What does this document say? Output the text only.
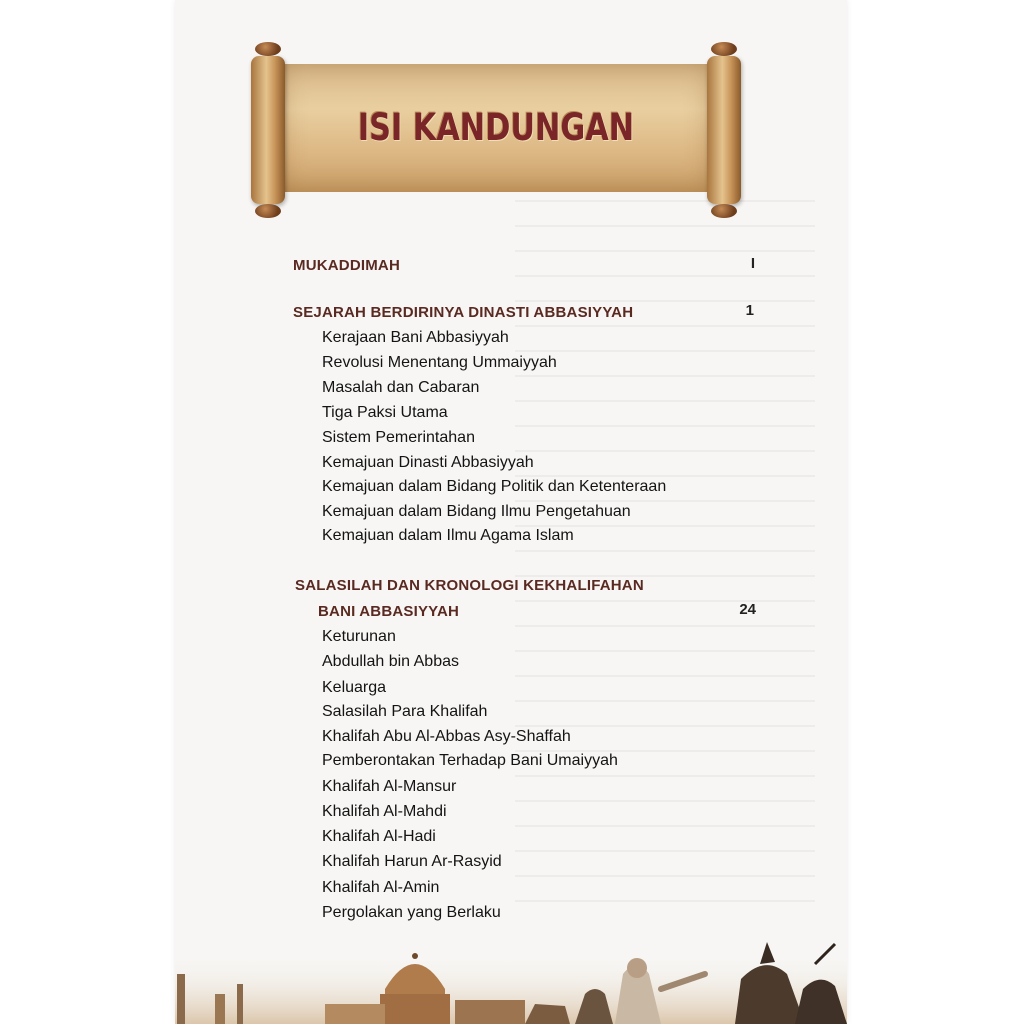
ISI KANDUNGAN
MUKADDIMAH	I
SEJARAH BERDIRINYA DINASTI ABBASIYYAH	1
Kerajaan Bani Abbasiyyah
Revolusi Menentang Ummaiyyah
Masalah dan Cabaran
Tiga Paksi Utama
Sistem Pemerintahan
Kemajuan Dinasti Abbasiyyah
Kemajuan dalam Bidang Politik dan Ketenteraan
Kemajuan dalam Bidang Ilmu Pengetahuan
Kemajuan dalam Ilmu Agama Islam
SALASILAH DAN KRONOLOGI KEKHALIFAHAN
BANI ABBASIYYAH	24
Keturunan
Abdullah bin Abbas
Keluarga
Salasilah Para Khalifah
Khalifah Abu Al-Abbas Asy-Shaffah
Pemberontakan Terhadap Bani Umaiyyah
Khalifah Al-Mansur
Khalifah Al-Mahdi
Khalifah Al-Hadi
Khalifah Harun Ar-Rasyid
Khalifah Al-Amin
Pergolakan yang Berlaku
